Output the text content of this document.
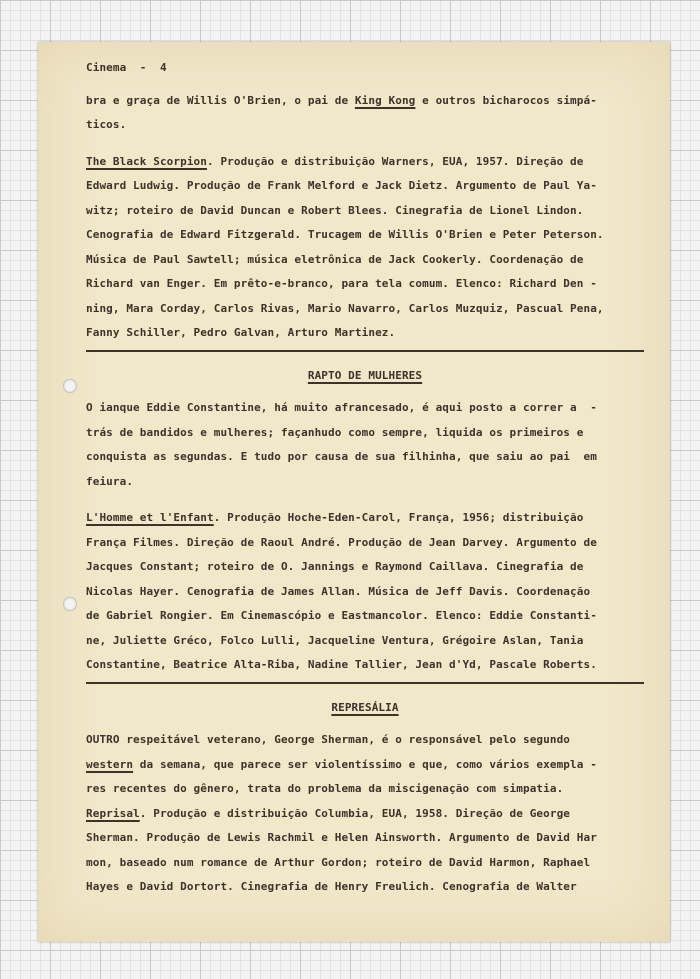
Cinema  -  4

bra e graça de Willis O'Brien, o pai de King Kong e outros bicharocos simpá-

ticos.

The Black Scorpion. Produção e distribuição Warners, EUA, 1957. Direção de

Edward Ludwig. Produção de Frank Melford e Jack Dietz. Argumento de Paul Ya-

witz; roteiro de David Duncan e Robert Blees. Cinegrafia de Lionel Lindon.

Cenografia de Edward Fitzgerald. Trucagem de Willis O'Brien e Peter Peterson.

Música de Paul Sawtell; música eletrônica de Jack Cookerly. Coordenação de

Richard van Enger. Em prêto-e-branco, para tela comum. Elenco: Richard Den -

ning, Mara Corday, Carlos Rivas, Mario Navarro, Carlos Muzquiz, Pascual Pena,

Fanny Schiller, Pedro Galvan, Arturo Martinez.

RAPTO DE MULHERES

O ianque Eddie Constantine, há muito afrancesado, é aqui posto a correr a  -

trás de bandidos e mulheres; façanhudo como sempre, liquida os primeiros e

conquista as segundas. E tudo por causa de sua filhinha, que saiu ao pai  em

feiura.

L'Homme et l'Enfant. Produção Hoche-Eden-Carol, França, 1956; distribuição

França Filmes. Direção de Raoul André. Produção de Jean Darvey. Argumento de

Jacques Constant; roteiro de O. Jannings e Raymond Caillava. Cinegrafia de

Nicolas Hayer. Cenografia de James Allan. Música de Jeff Davis. Coordenação

de Gabriel Rongier. Em Cinemascópio e Eastmancolor. Elenco: Eddie Constanti-

ne, Juliette Gréco, Folco Lulli, Jacqueline Ventura, Grégoire Aslan, Tania

Constantine, Beatrice Alta-Riba, Nadine Tallier, Jean d'Yd, Pascale Roberts.

REPRESÁLIA

OUTRO respeitável veterano, George Sherman, é o responsável pelo segundo

western da semana, que parece ser violentíssimo e que, como vários exempla -

res recentes do gênero, trata do problema da miscigenação com simpatia.

Reprisal. Produção e distribuição Columbia, EUA, 1958. Direção de George

Sherman. Produção de Lewis Rachmil e Helen Ainsworth. Argumento de David Har

mon, baseado num romance de Arthur Gordon; roteiro de David Harmon, Raphael

Hayes e David Dortort. Cinegrafia de Henry Freulich. Cenografia de Walter
